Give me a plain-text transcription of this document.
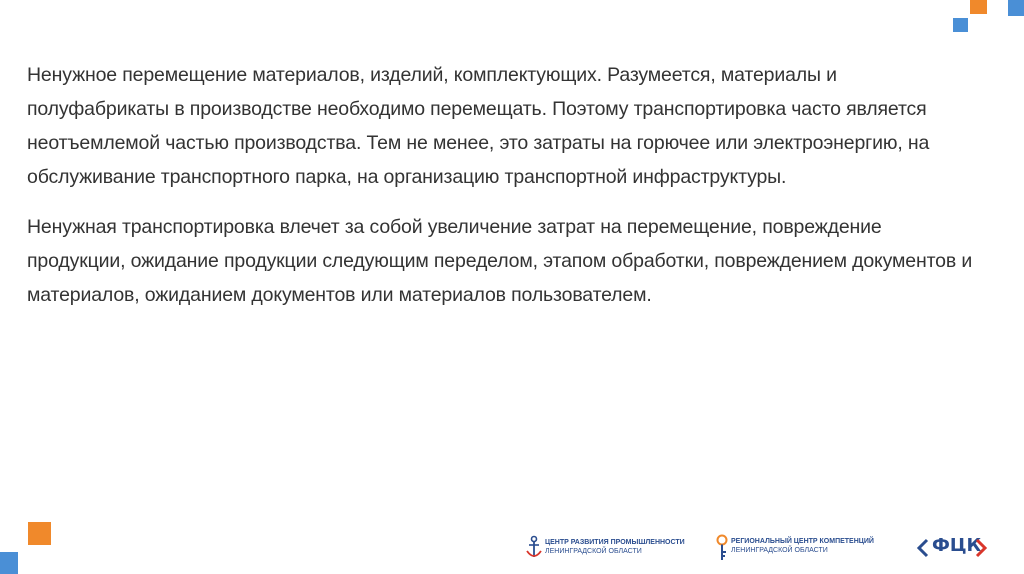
Ненужное перемещение материалов, изделий, комплектующих. Разумеется, материалы и полуфабрикаты в производстве необходимо перемещать. Поэтому транспортировка часто является неотъемлемой частью производства. Тем не менее, это затраты на горючее или электроэнергию, на обслуживание транспортного парка, на организацию транспортной инфраструктуры.

Ненужная транспортировка влечет за собой увеличение затрат на перемещение, повреждение продукции, ожидание продукции следующим переделом, этапом обработки, повреждением документов и материалов, ожиданием документов или материалов пользователем.

ЦЕНТР РАЗВИТИЯ ПРОМЫШЛЕННОСТИ
ЛЕНИНГРАДСКОЙ ОБЛАСТИ
РЕГИОНАЛЬНЫЙ ЦЕНТР КОМПЕТЕНЦИЙ
ЛЕНИНГРАДСКОЙ ОБЛАСТИ	ФЦК
